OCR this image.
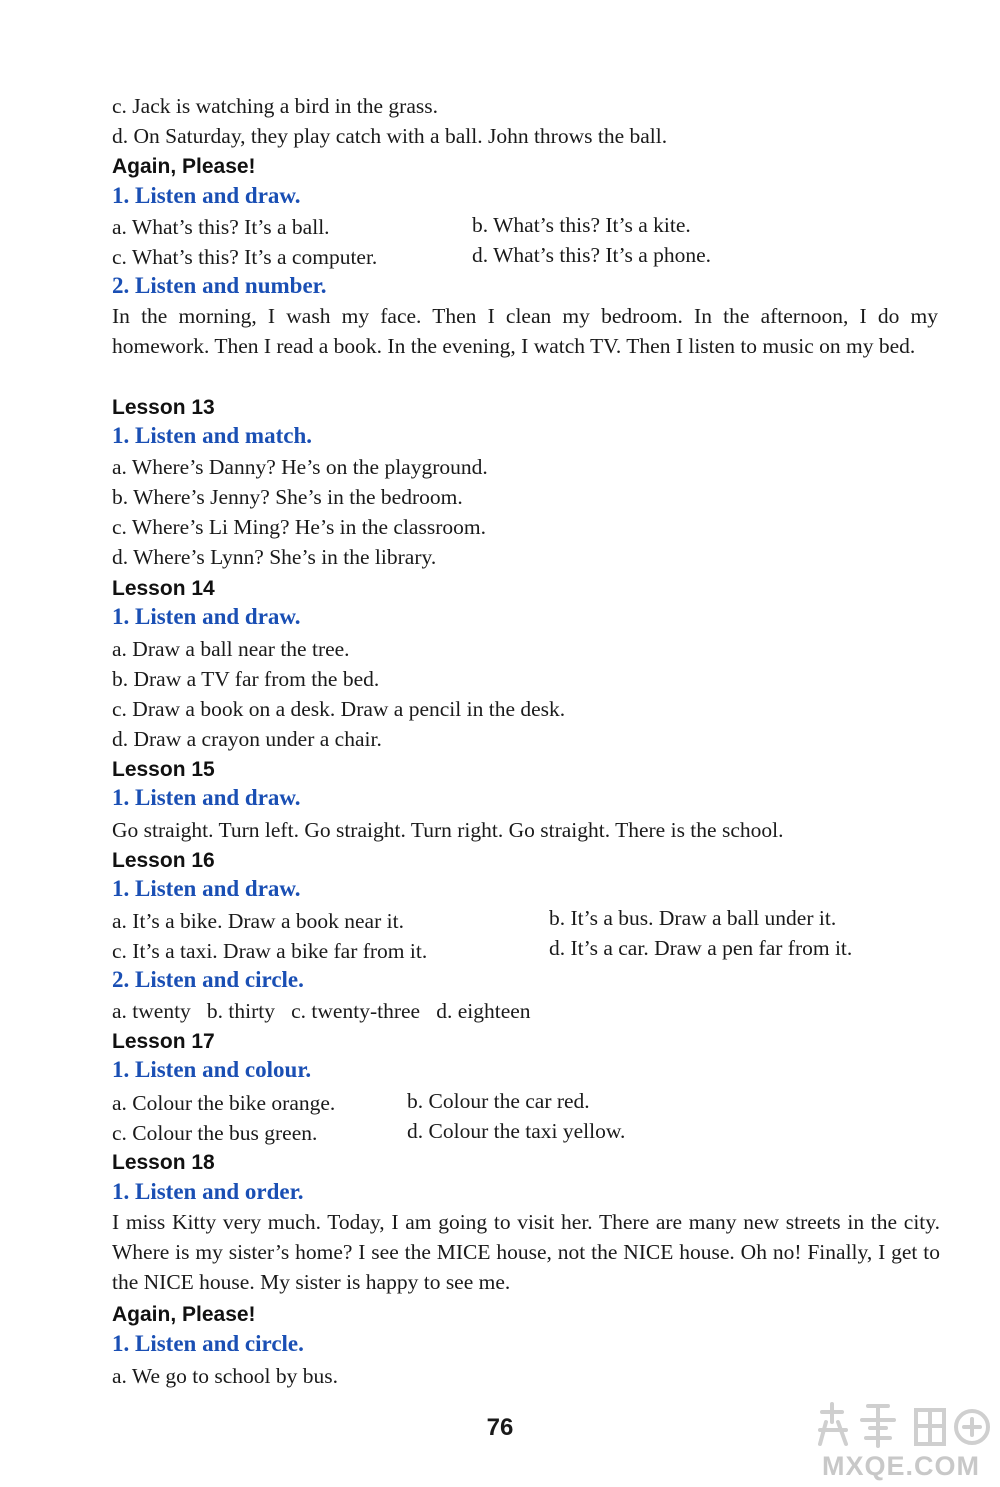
c. Jack is watching a bird in the grass.
d. On Saturday, they play catch with a ball. John throws the ball.
Again, Please!
1. Listen and draw.
a. What’s this? It’s a ball.	b. What’s this? It’s a kite.
c. What’s this? It’s a computer.	d. What’s this? It’s a phone.
2. Listen and number.
In the morning, I wash my face. Then I clean my bedroom. In the afternoon, I do my homework. Then I read a book. In the evening, I watch TV. Then I listen to music on my bed.
Lesson 13
1. Listen and match.
a. Where’s Danny? He’s on the playground.
b. Where’s Jenny? She’s in the bedroom.
c. Where’s Li Ming? He’s in the classroom.
d. Where’s Lynn? She’s in the library.
Lesson 14
1. Listen and draw.
a. Draw a ball near the tree.
b. Draw a TV far from the bed.
c. Draw a book on a desk. Draw a pencil in the desk.
d. Draw a crayon under a chair.
Lesson 15
1. Listen and draw.
Go straight. Turn left. Go straight. Turn right. Go straight. There is the school.
Lesson 16
1. Listen and draw.
a. It’s a bike. Draw a book near it.	b. It’s a bus. Draw a ball under it.
c. It’s a taxi. Draw a bike far from it.	d. It’s a car. Draw a pen far from it.
2. Listen and circle.
a. twenty   b. thirty   c. twenty-three   d. eighteen
Lesson 17
1. Listen and colour.
a. Colour the bike orange.	b. Colour the car red.
c. Colour the bus green.	d. Colour the taxi yellow.
Lesson 18
1. Listen and order.
I miss Kitty very much. Today, I am going to visit her. There are many new streets in the city. Where is my sister’s home? I see the MICE house, not the NICE house. Oh no! Finally, I get to the NICE house. My sister is happy to see me.
Again, Please!
1. Listen and circle.
a. We go to school by bus.
76
MXQE.COM
